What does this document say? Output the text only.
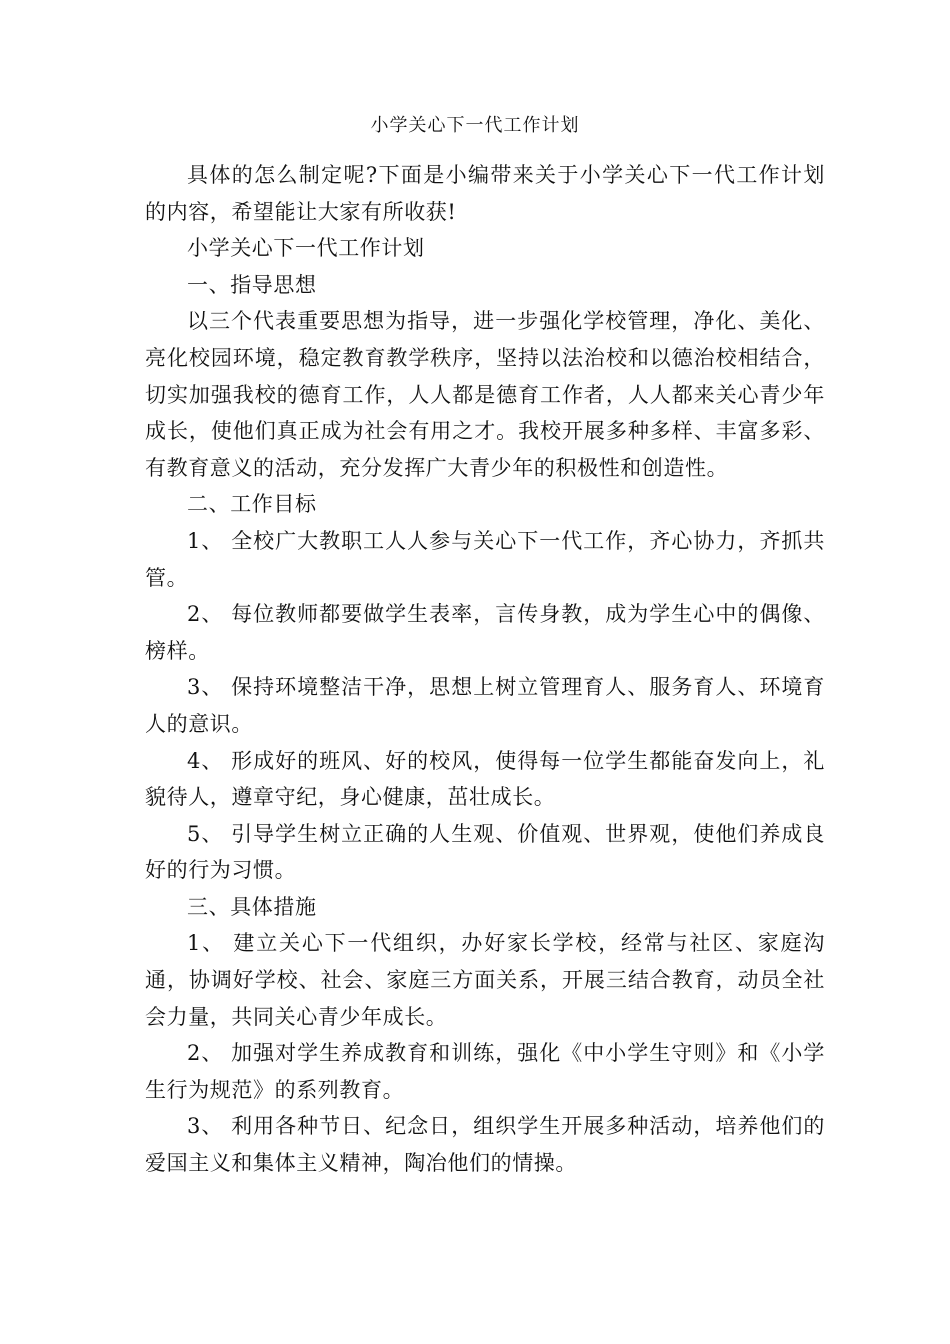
小学关心下一代工作计划

具体的怎么制定呢?下面是小编带来关于小学关心下一代工作计划的内容，希望能让大家有所收获!

小学关心下一代工作计划

一、指导思想

以三个代表重要思想为指导，进一步强化学校管理，净化、美化、亮化校园环境，稳定教育教学秩序，坚持以法治校和以德治校相结合，切实加强我校的德育工作，人人都是德育工作者，人人都来关心青少年成长，使他们真正成为社会有用之才。我校开展多种多样、丰富多彩、有教育意义的活动，充分发挥广大青少年的积极性和创造性。

二、工作目标

1、 全校广大教职工人人参与关心下一代工作，齐心协力，齐抓共管。

2、 每位教师都要做学生表率，言传身教，成为学生心中的偶像、榜样。

3、 保持环境整洁干净，思想上树立管理育人、服务育人、环境育人的意识。

4、 形成好的班风、好的校风，使得每一位学生都能奋发向上，礼貌待人，遵章守纪，身心健康，茁壮成长。

5、 引导学生树立正确的人生观、价值观、世界观，使他们养成良好的行为习惯。

三、具体措施

1、 建立关心下一代组织，办好家长学校，经常与社区、家庭沟通，协调好学校、社会、家庭三方面关系，开展三结合教育，动员全社会力量，共同关心青少年成长。

2、 加强对学生养成教育和训练，强化《中小学生守则》和《小学生行为规范》的系列教育。

3、 利用各种节日、纪念日，组织学生开展多种活动，培养他们的爱国主义和集体主义精神，陶冶他们的情操。
